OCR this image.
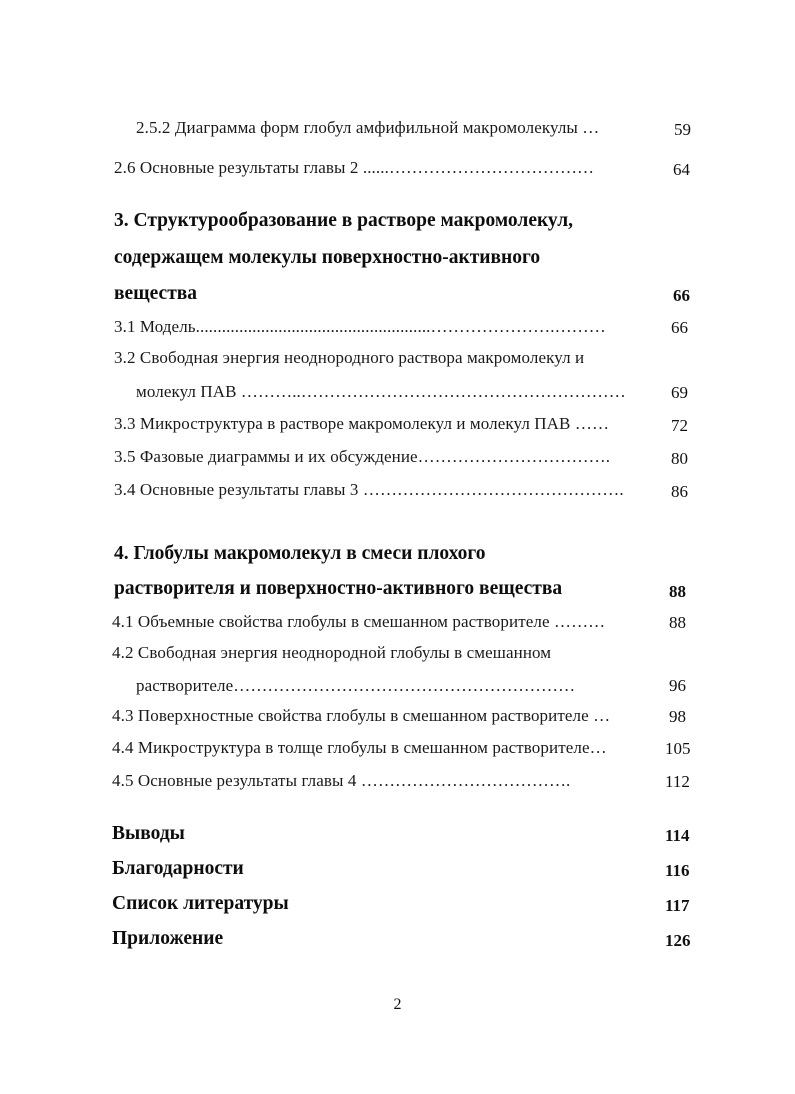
2.5.2 Диаграмма форм глобул амфифильной макромолекулы …	59
2.6 Основные результаты главы 2 ......………………………………	64
3. Структурообразование в растворе макромолекул,
содержащем молекулы поверхностно-активного
вещества	66
3.1 Модель......................................................………………….………	66
3.2 Свободная энергия неоднородного раствора макромолекул и
молекул ПАВ ………..…………………………………………………	69
3.3 Микроструктура в растворе макромолекул и молекул ПАВ ……	72
3.5 Фазовые диаграммы и их обсуждение…………………………….	80
3.4 Основные результаты главы 3 ……………………………………….	86
4. Глобулы макромолекул в смеси плохого
растворителя и поверхностно-активного вещества	88
4.1 Объемные свойства глобулы в смешанном растворителе ………	88
4.2 Свободная энергия неоднородной глобулы в смешанном
растворителе……………………………………………………	96
4.3 Поверхностные свойства глобулы в смешанном растворителе …	98
4.4 Микроструктура в толще глобулы в смешанном растворителе…	105
4.5 Основные результаты главы 4 ……………………………….	112
Выводы	114
Благодарности	116
Список литературы	117
Приложение	126
2
